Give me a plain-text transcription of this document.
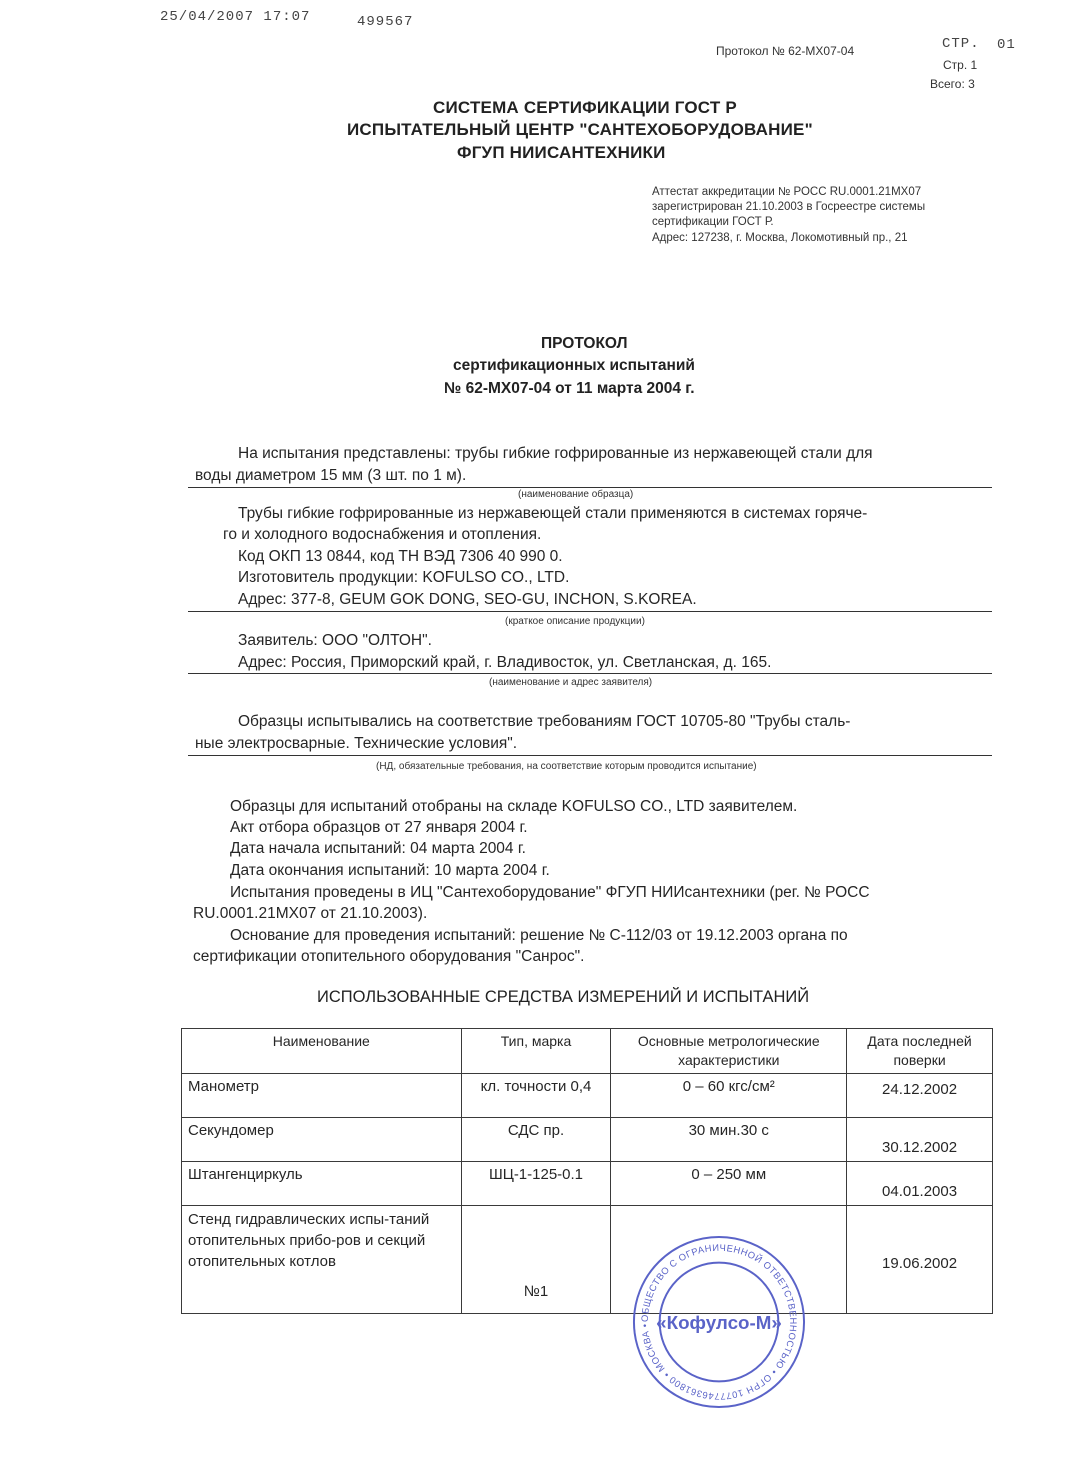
25/04/2007 17:07	499567
СТР. 01
Протокол № 62-МХ07-04
Стр. 1
Всего: 3
СИСТЕМА СЕРТИФИКАЦИИ ГОСТ Р
ИСПЫТАТЕЛЬНЫЙ ЦЕНТР "САНТЕХОБОРУДОВАНИЕ"
ФГУП НИИСАНТЕХНИКИ
Аттестат аккредитации № РОСС RU.0001.21МХ07
зарегистрирован 21.10.2003 в Госреестре системы
сертификации ГОСТ Р.
Адрес: 127238, г. Москва, Локомотивный пр., 21
ПРОТОКОЛ
сертификационных испытаний
№ 62-МХ07-04 от 11 марта 2004 г.
На испытания представлены: трубы гибкие гофрированные из нержавеющей стали для
воды диаметром 15 мм (3 шт. по 1 м).
(наименование образца)
Трубы гибкие гофрированные из нержавеющей стали применяются в системах горяче-
го и холодного водоснабжения и отопления.
Код ОКП 13 0844, код ТН ВЭД 7306 40 990 0.
Изготовитель продукции: KOFULSO CO., LTD.
Адрес: 377-8, GEUM GOK DONG, SEO-GU, INCHON, S.KOREA.
(краткое описание продукции)
Заявитель: ООО "ОЛТОН".
Адрес: Россия, Приморский край, г. Владивосток, ул. Светланская, д. 165.
(наименование и адрес заявителя)
Образцы испытывались на соответствие требованиям ГОСТ 10705-80 "Трубы сталь-
ные электросварные. Технические условия".
(НД, обязательные требования, на соответствие которым проводится испытание)
Образцы для испытаний отобраны на складе KOFULSO CO., LTD заявителем.
Акт отбора образцов от 27 января 2004 г.
Дата начала испытаний: 04 марта 2004 г.
Дата окончания испытаний: 10 марта 2004 г.
Испытания проведены в ИЦ "Сантехоборудование" ФГУП НИИсантехники (рег. № РОСС
RU.0001.21МХ07 от 21.10.2003).
Основание для проведения испытаний: решение № С-112/03 от 19.12.2003 органа по
сертификации отопительного оборудования "Санрос".
ИСПОЛЬЗОВАННЫЕ СРЕДСТВА ИЗМЕРЕНИЙ И ИСПЫТАНИЙ
Наименование	Тип, марка	Основные метрологические характеристики	Дата последней поверки
Манометр	кл. точности 0,4	0 – 60 кгс/см²	24.12.2002
Секундомер	СДС пр.	30 мин.30 с	30.12.2002
Штангенциркуль	ШЦ-1-125-0.1	0 – 250 мм	04.01.2003
Стенд гидравлических испы-таний отопительных прибо-ров и секций отопительных котлов	№1		19.06.2002
ОБЩЕСТВО С ОГРАНИЧЕННОЙ ОТВЕТСТВЕННОСТЬЮ • ОГРН 1077746361800 • МОСКВА • «Кофулсо-М»
